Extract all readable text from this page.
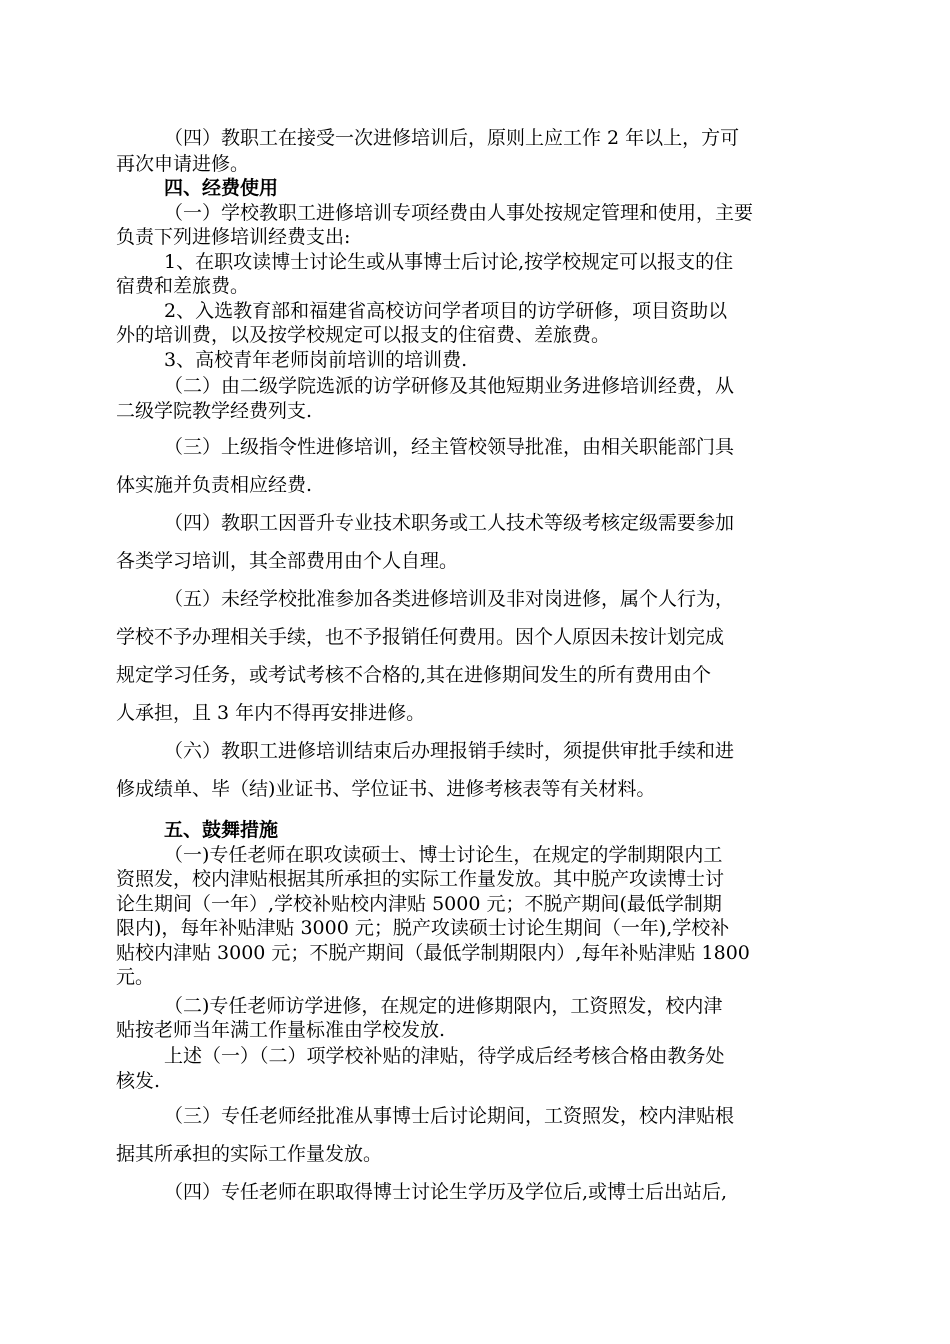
（四）教职工在接受一次进修培训后，原则上应工作 2 年以上，方可

再次申请进修。

四、经费使用

（一）学校教职工进修培训专项经费由人事处按规定管理和使用，主要

负责下列进修培训经费支出:

1、在职攻读博士讨论生或从事博士后讨论,按学校规定可以报支的住

宿费和差旅费。

2、入选教育部和福建省高校访问学者项目的访学研修，项目资助以

外的培训费，以及按学校规定可以报支的住宿费、差旅费。

3、高校青年老师岗前培训的培训费.

（二）由二级学院选派的访学研修及其他短期业务进修培训经费，从

二级学院教学经费列支.

（三）上级指令性进修培训，经主管校领导批准，由相关职能部门具

体实施并负责相应经费.

（四）教职工因晋升专业技术职务或工人技术等级考核定级需要参加

各类学习培训，其全部费用由个人自理。

（五）未经学校批准参加各类进修培训及非对岗进修，属个人行为，

学校不予办理相关手续，也不予报销任何费用。因个人原因未按计划完成

规定学习任务，或考试考核不合格的,其在进修期间发生的所有费用由个

人承担，且 3 年内不得再安排进修。

（六）教职工进修培训结束后办理报销手续时，须提供审批手续和进

修成绩单、毕（结)业证书、学位证书、进修考核表等有关材料。

五、鼓舞措施

（一)专任老师在职攻读硕士、博士讨论生，在规定的学制期限内工

资照发，校内津贴根据其所承担的实际工作量发放。其中脱产攻读博士讨

论生期间（一年）,学校补贴校内津贴 5000 元；不脱产期间(最低学制期

限内)，每年补贴津贴 3000 元；脱产攻读硕士讨论生期间（一年),学校补

贴校内津贴 3000 元；不脱产期间（最低学制期限内）,每年补贴津贴 1800

元。

（二)专任老师访学进修，在规定的进修期限内，工资照发，校内津

贴按老师当年满工作量标准由学校发放.

上述（一）（二）项学校补贴的津贴，待学成后经考核合格由教务处

核发.

（三）专任老师经批准从事博士后讨论期间，工资照发，校内津贴根

据其所承担的实际工作量发放。

（四）专任老师在职取得博士讨论生学历及学位后,或博士后出站后,
